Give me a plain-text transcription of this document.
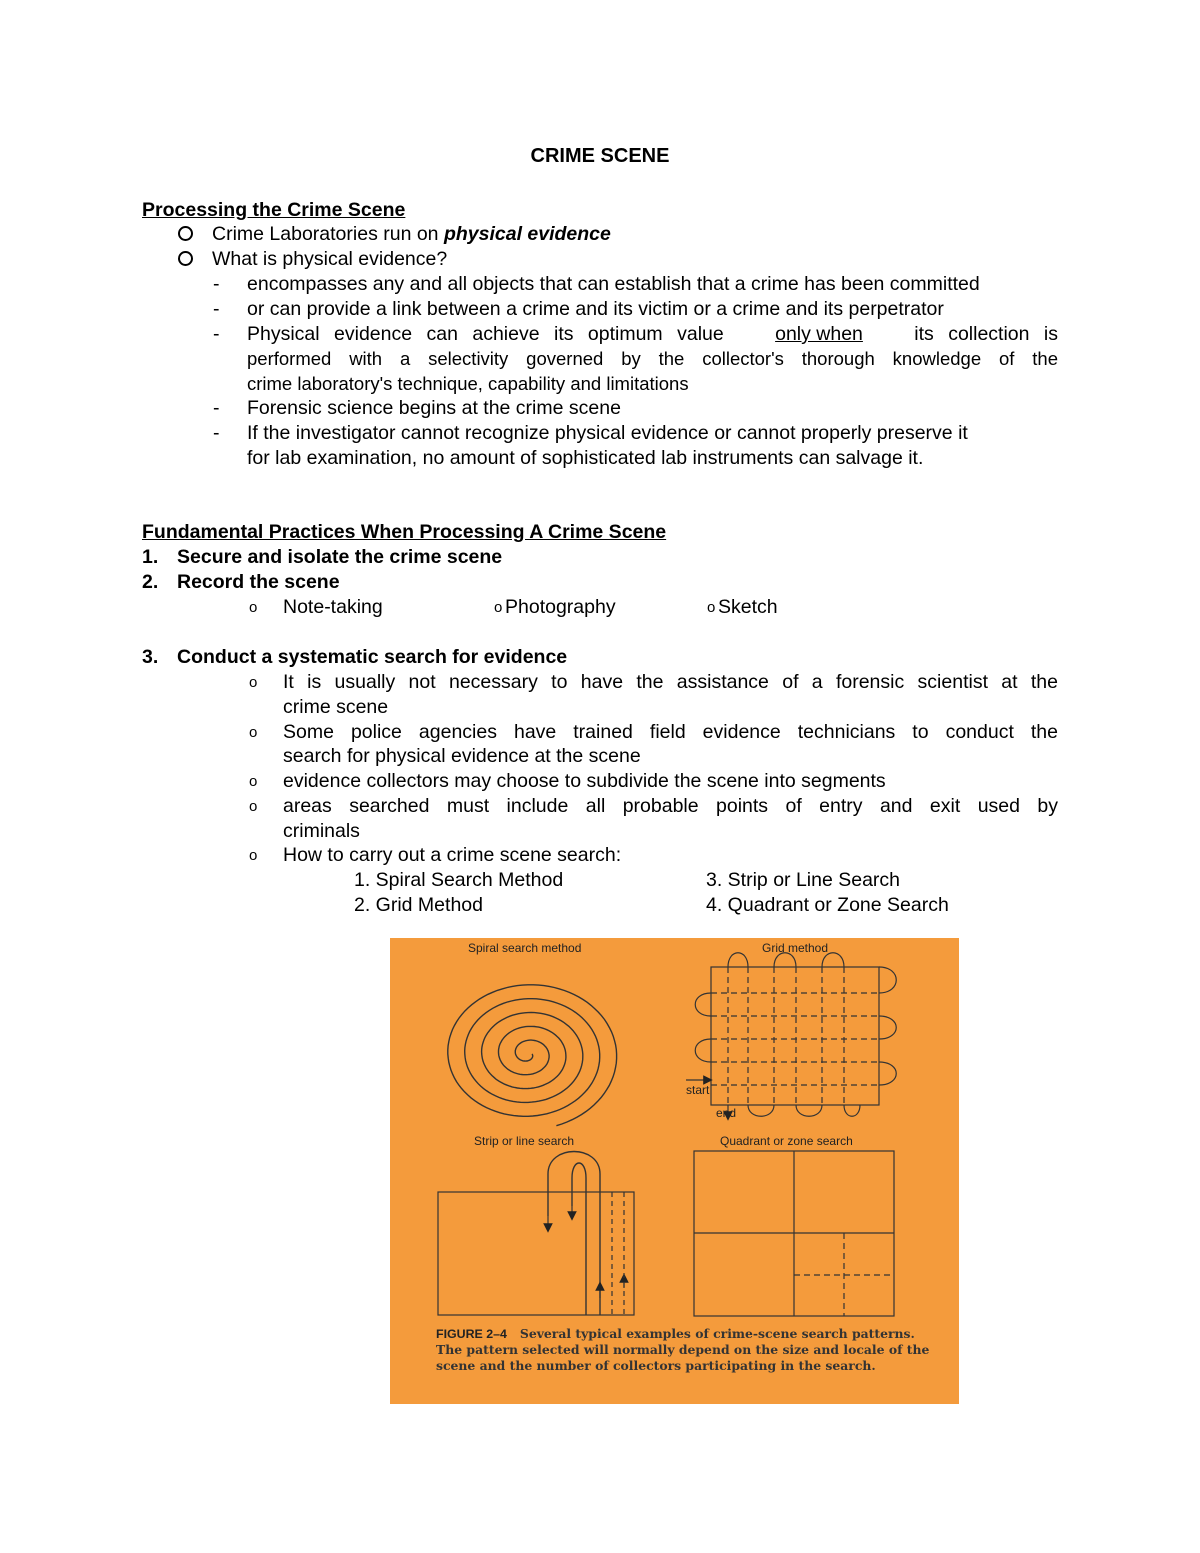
CRIME SCENE
Processing the Crime Scene
Crime Laboratories run on physical evidence
What is physical evidence?
- encompasses any and all objects that can establish that a crime has been committed
- or can provide a link between a crime and its victim or a crime and its perpetrator
- Physical evidence can achieve its optimum value	only when	its collection is
performed with a selectivity governed by the collector's thorough knowledge of the
crime laboratory's technique, capability and limitations
- Forensic science begins at the crime scene
- If the investigator cannot recognize physical evidence or cannot properly preserve it
for lab examination, no amount of sophisticated lab instruments can salvage it.
Fundamental Practices When Processing A Crime Scene
1. Secure and isolate the crime scene
2. Record the scene
o Note-taking	o Photography	o Sketch
3. Conduct a systematic search for evidence
o It is usually not necessary to have the assistance of a forensic scientist at the
crime scene
o Some police agencies have trained field evidence technicians to conduct the
search for physical evidence at the scene
o evidence collectors may choose to subdivide the scene into segments
o areas searched must include all probable points of entry and exit used by
criminals
o How to carry out a crime scene search:
1. Spiral Search Method	3. Strip or Line Search
2. Grid Method	4. Quadrant or Zone Search
Spiral search method	Grid method
start
end
Strip or line search	Quadrant or zone search
FIGURE 2–4 Several typical examples of crime-scene search patterns. The pattern selected will normally depend on the size and locale of the scene and the number of collectors participating in the search.
